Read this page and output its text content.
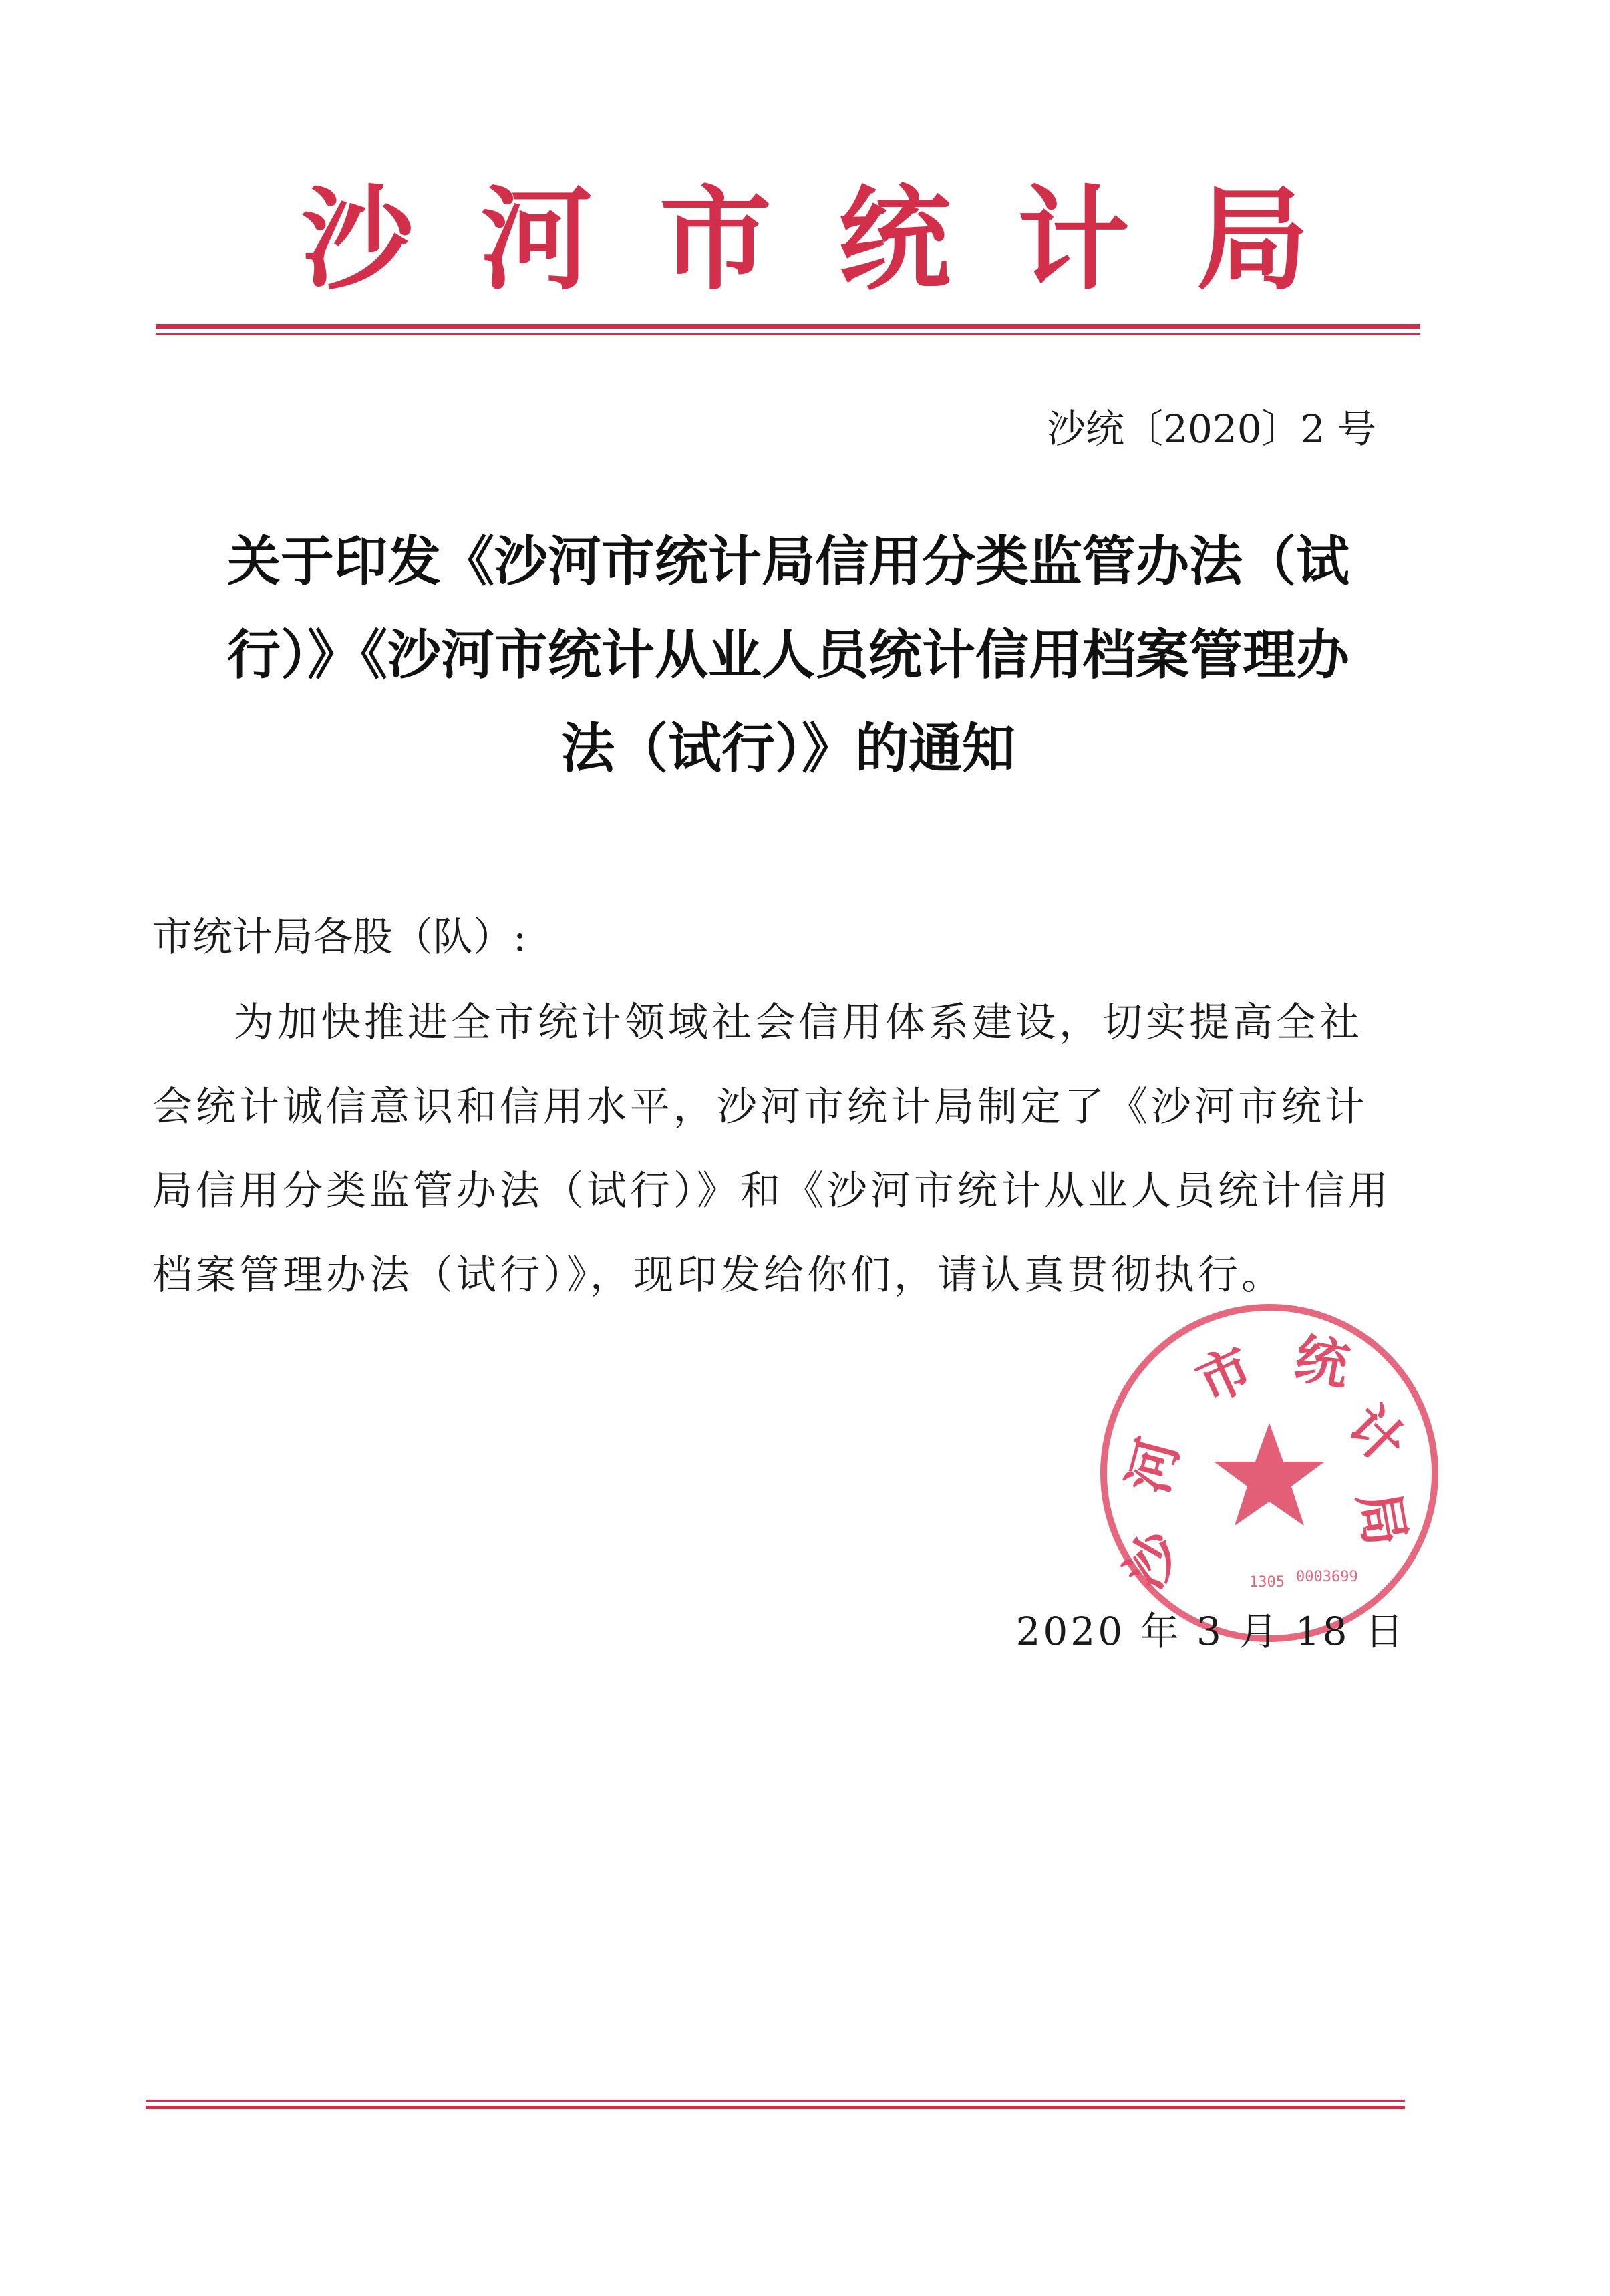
沙河市统计局
沙统〔2020〕2 号
关于印发《沙河市统计局信用分类监管办法（试
行）》《沙河市统计从业人员统计信用档案管理办
法（试行）》的通知
市统计局各股（队）:
为加快推进全市统计领域社会信用体系建设，切实提高全社
会统计诚信意识和信用水平，沙河市统计局制定了《沙河市统计
局信用分类监管办法（试行）》和《沙河市统计从业人员统计信用
档案管理办法（试行）》，现印发给你们，请认真贯彻执行。
1305 0003699
沙
河
市 统
计
局
2020 年 3 月 18 日
